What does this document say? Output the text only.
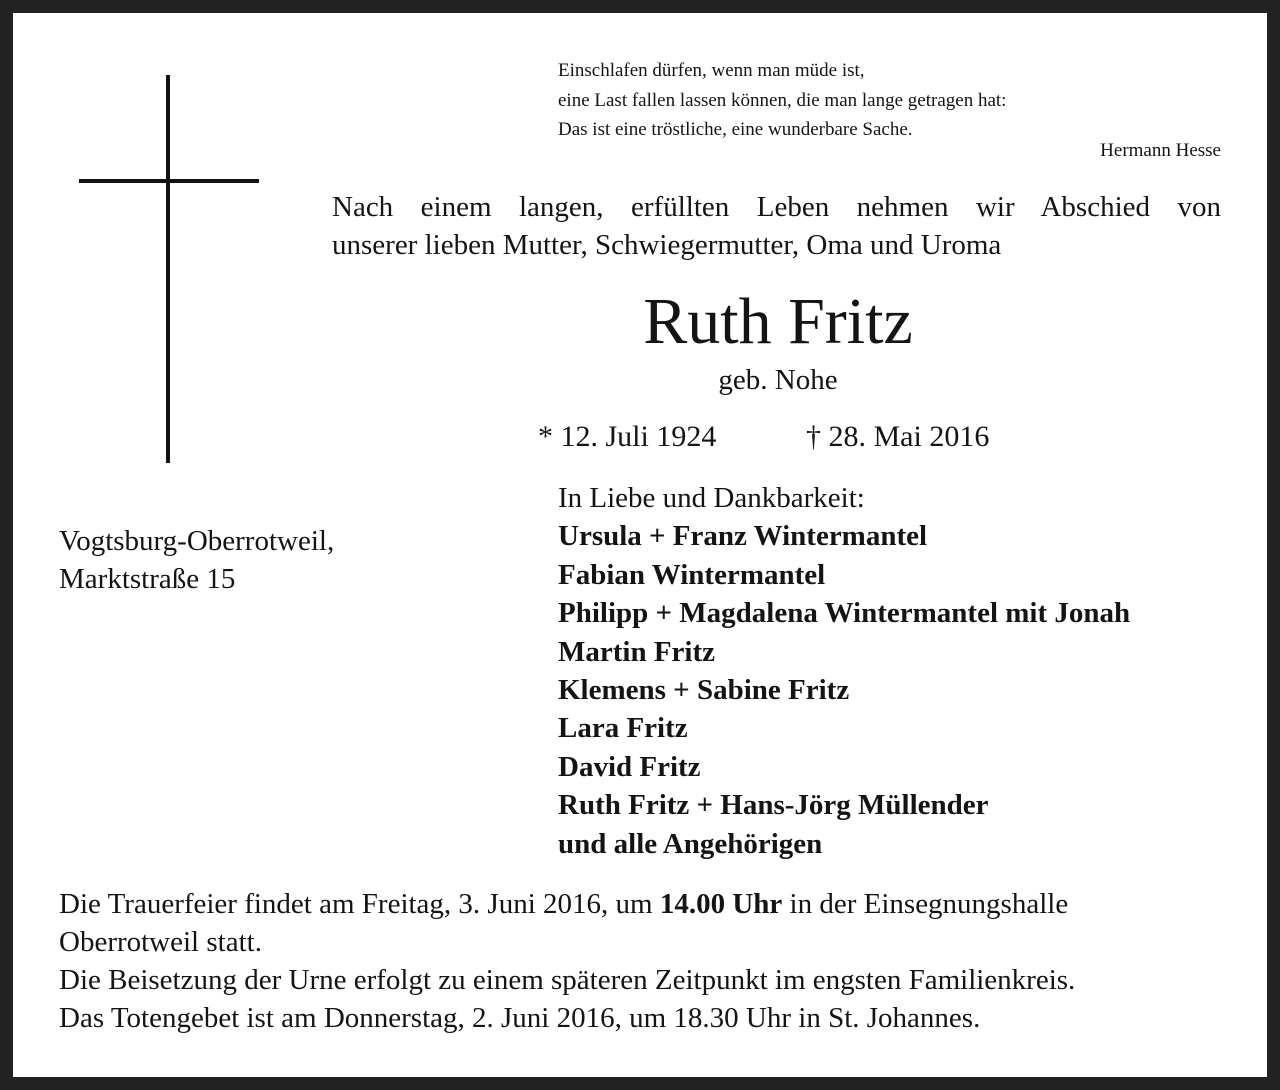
Einschlafen dürfen, wenn man müde ist,
eine Last fallen lassen können, die man lange getragen hat:
Das ist eine tröstliche, eine wunderbare Sache.
Hermann Hesse
Nach einem langen, erfüllten Leben nehmen wir Abschied von
unserer lieben Mutter, Schwiegermutter, Oma und Uroma
Ruth Fritz
geb. Nohe
* 12. Juli 1924	† 28. Mai 2016
Vogtsburg-Oberrotweil,
Marktstraße 15
In Liebe und Dankbarkeit:
Ursula + Franz Wintermantel
Fabian Wintermantel
Philipp + Magdalena Wintermantel mit Jonah
Martin Fritz
Klemens + Sabine Fritz
Lara Fritz
David Fritz
Ruth Fritz + Hans-Jörg Müllender
und alle Angehörigen
Die Trauerfeier findet am Freitag, 3. Juni 2016, um 14.00 Uhr in der Einsegnungshalle
Oberrotweil statt.
Die Beisetzung der Urne erfolgt zu einem späteren Zeitpunkt im engsten Familienkreis.
Das Totengebet ist am Donnerstag, 2. Juni 2016, um 18.30 Uhr in St. Johannes.
